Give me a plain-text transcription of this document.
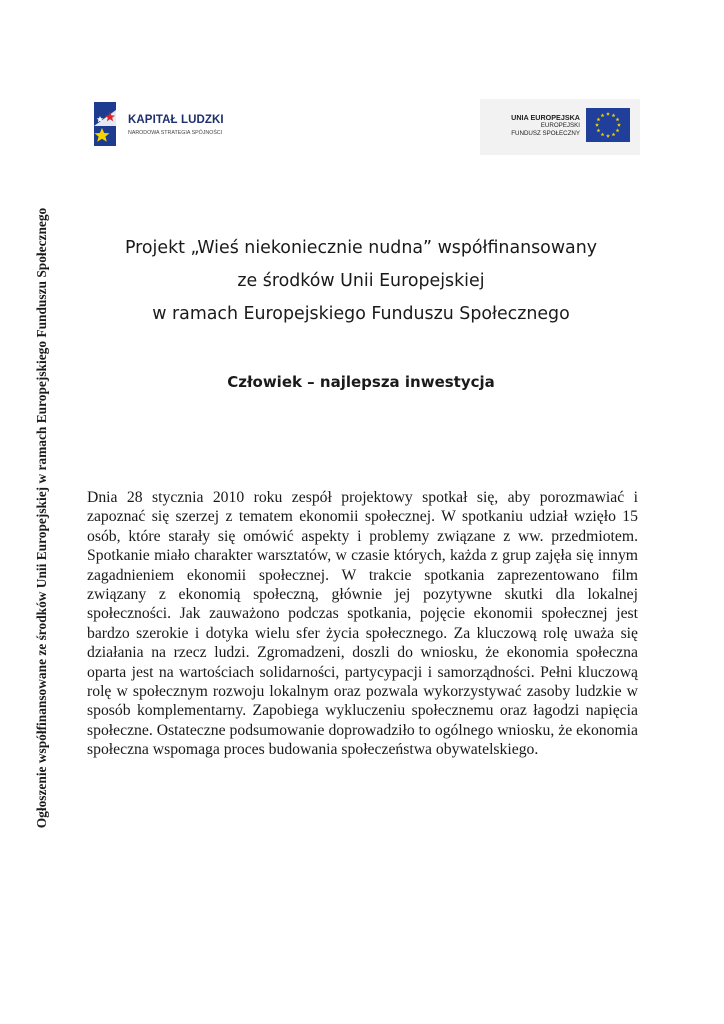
Ogłoszenie współfinansowane ze środków Unii Europejskiej w ramach Europejskiego Funduszu Społecznego
KAPITAŁ LUDZKI
NARODOWA STRATEGIA SPÓJNOŚCI
UNIA EUROPEJSKA
EUROPEJSKI
FUNDUSZ SPOŁECZNY
Projekt „Wieś niekoniecznie nudna” współfinansowany
ze środków Unii Europejskiej
w ramach Europejskiego Funduszu Społecznego
Człowiek – najlepsza inwestycja

Dnia 28 stycznia 2010 roku zespół projektowy spotkał się, aby porozmawiać i zapoznać się szerzej z tematem ekonomii społecznej. W spotkaniu udział wzięło 15 osób, które starały się omówić aspekty i problemy związane z ww. przedmiotem. Spotkanie miało charakter warsztatów, w czasie których, każda z grup zajęła się innym zagadnieniem ekonomii społecznej. W trakcie spotkania zaprezentowano film związany z ekonomią społeczną, głównie jej pozytywne skutki dla lokalnej społeczności. Jak zauważono podczas spotkania, pojęcie ekonomii społecznej jest bardzo szerokie i dotyka wielu sfer życia społecznego. Za kluczową rolę uważa się działania na rzecz ludzi. Zgromadzeni, doszli do wniosku, że ekonomia społeczna oparta jest na wartościach solidarności, partycypacji i samorządności. Pełni kluczową rolę w społecznym rozwoju lokalnym oraz pozwala wykorzystywać zasoby ludzkie w sposób komplementarny. Zapobiega wykluczeniu społecznemu oraz łagodzi napięcia społeczne. Ostateczne podsumowanie doprowadziło to ogólnego wniosku, że ekonomia społeczna wspomaga proces budowania społeczeństwa obywatelskiego.
